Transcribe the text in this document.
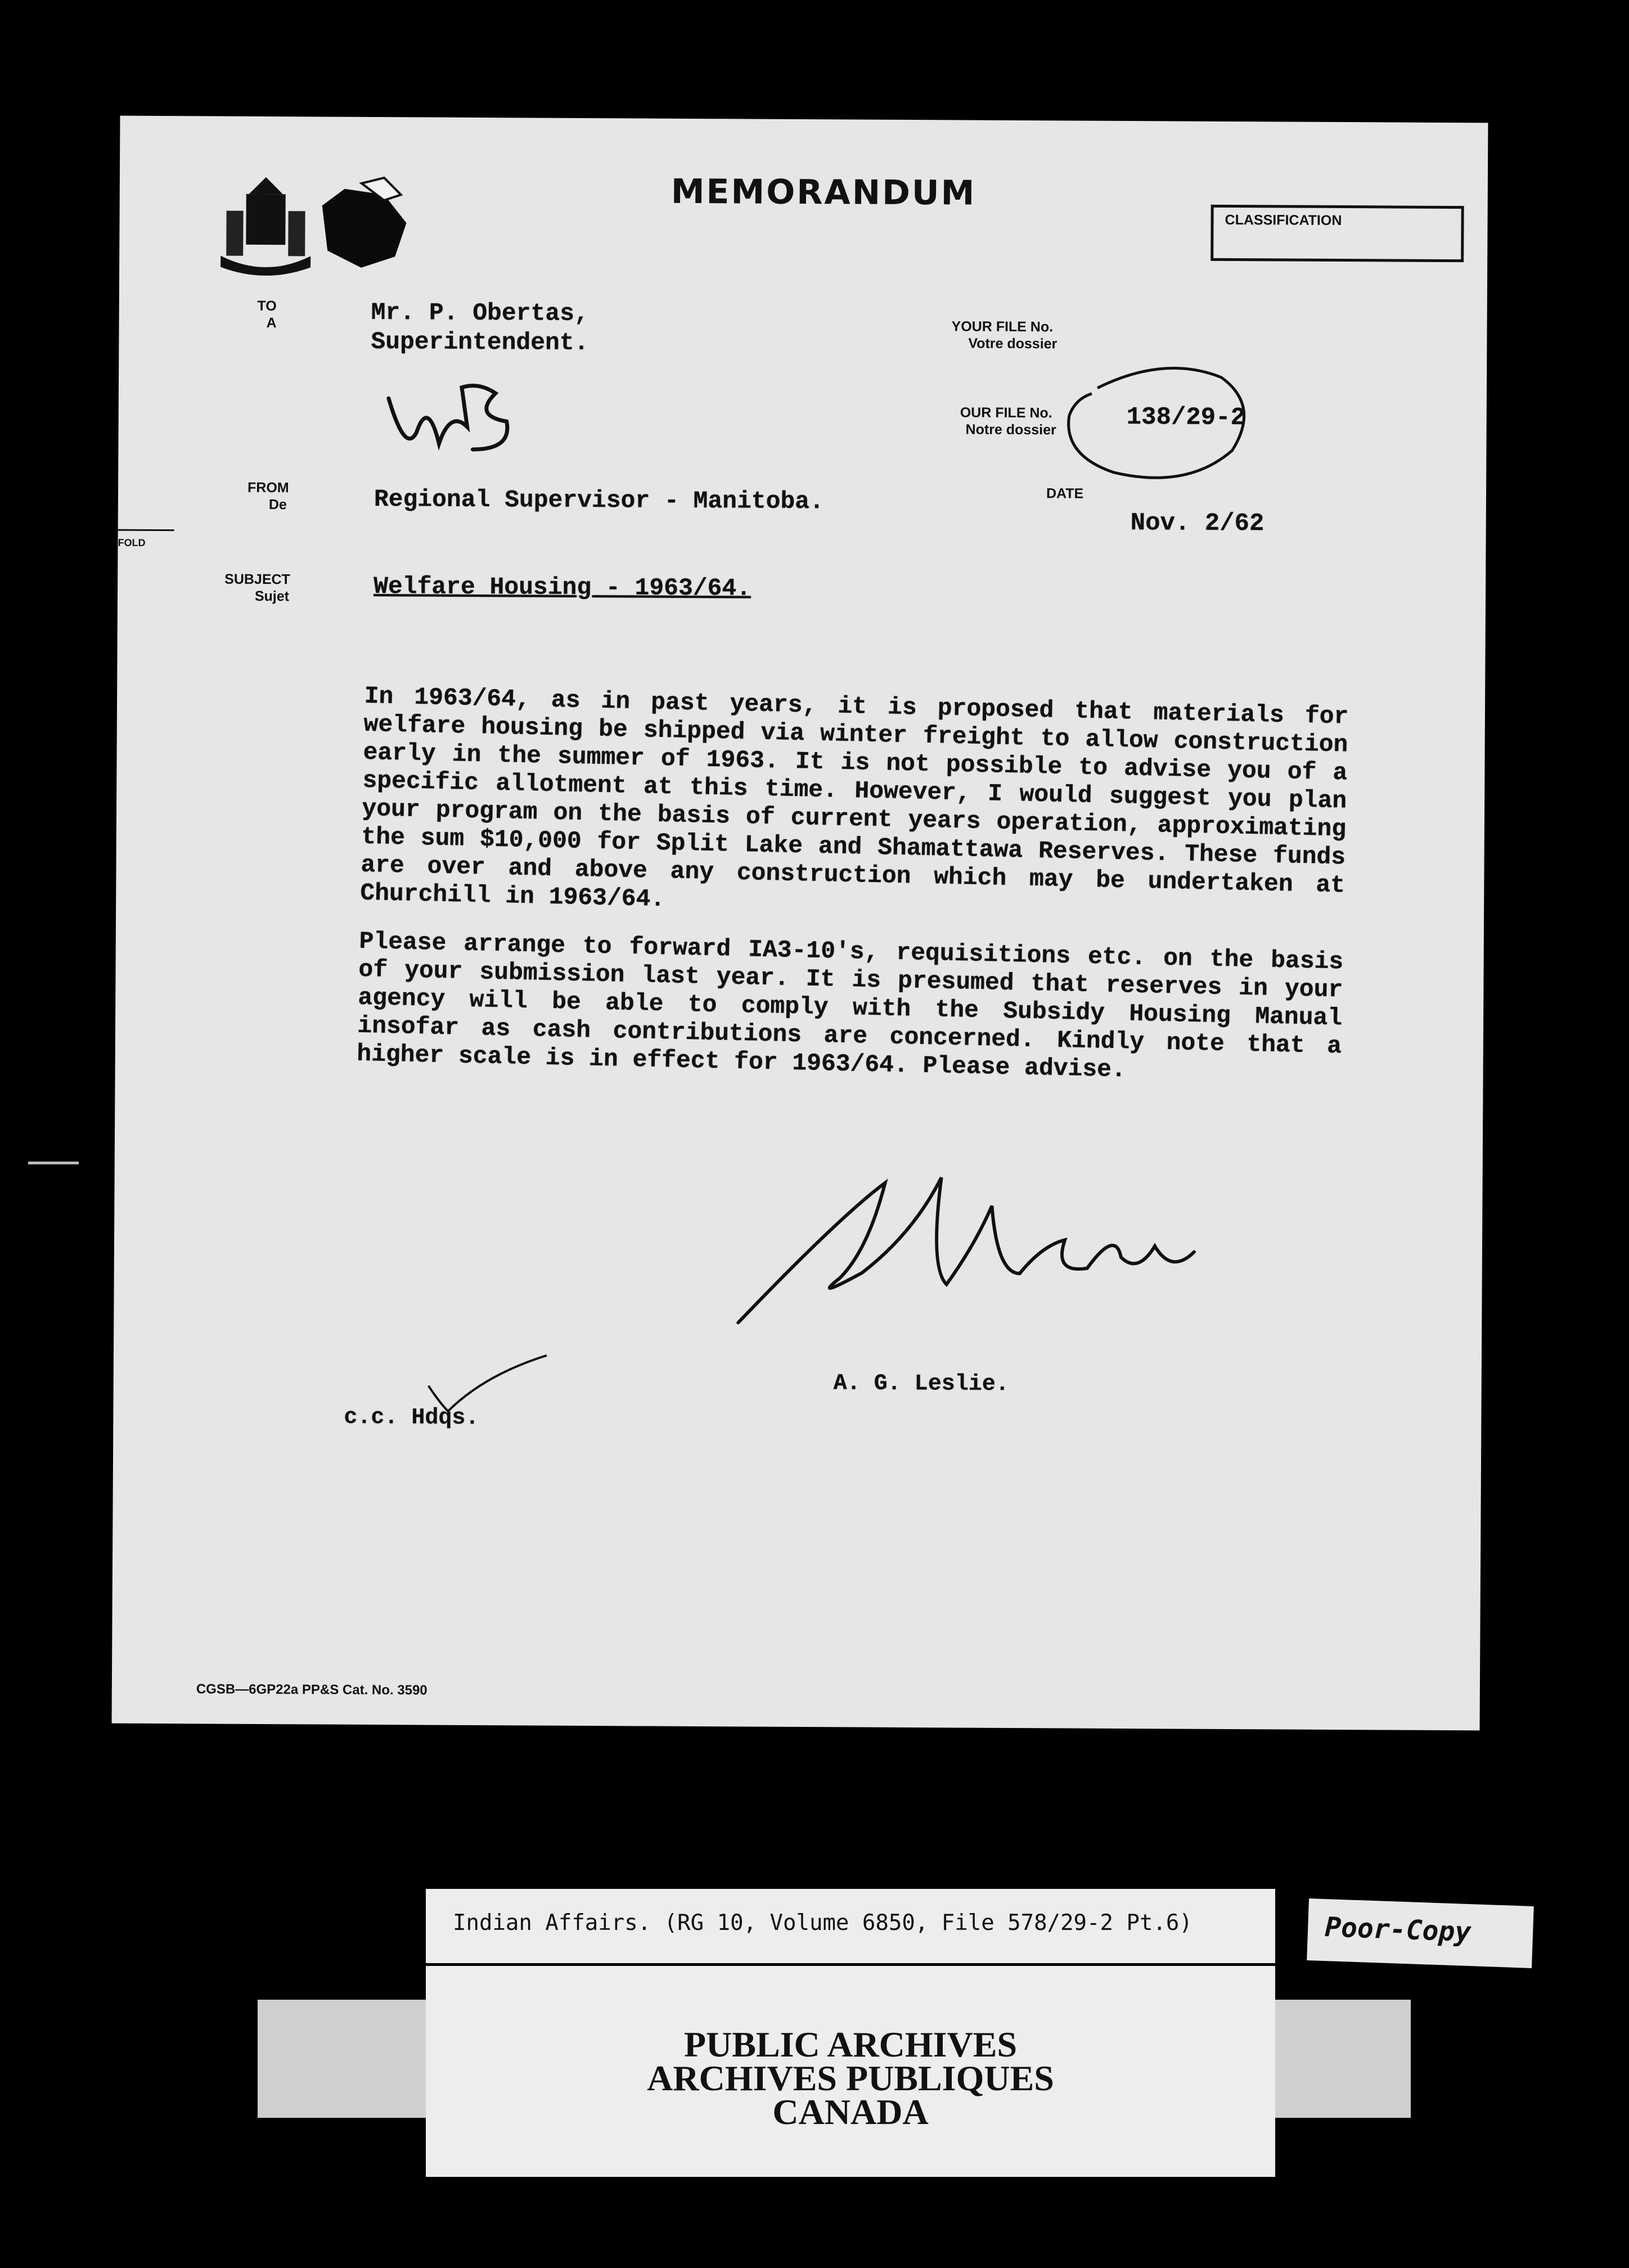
MEMORANDUM
CLASSIFICATION
TO
A	Mr. P. Obertas,
Superintendent.
FROM
De	Regional Supervisor - Manitoba.
FOLD
SUBJECT
Sujet	Welfare Housing - 1963/64.
YOUR FILE No.
Votre dossier
OUR FILE No.
Notre dossier	138/29-2
DATE
Nov. 2/62

In 1963/64, as in past years, it is proposed that materials for welfare housing be shipped via winter freight to allow construction early in the summer of 1963. It is not possible to advise you of a specific allotment at this time. However, I would suggest you plan your program on the basis of current years operation, approximating the sum $10,000 for Split Lake and Shamattawa Reserves. These funds are over and above any construction which may be undertaken at Churchill in 1963/64.

Please arrange to forward IA3-10's, requisitions etc. on the basis of your submission last year. It is presumed that reserves in your agency will be able to comply with the Subsidy Housing Manual insofar as cash contributions are concerned. Kindly note that a higher scale is in effect for 1963/64. Please advise.

A. G. Leslie.
c.c. Hdqs.
CGSB—6GP22a PP&S Cat. No. 3590
Indian Affairs. (RG 10, Volume 6850, File 578/29-2 Pt.6)	Poor-Copy
PUBLIC ARCHIVES
ARCHIVES PUBLIQUES
CANADA
